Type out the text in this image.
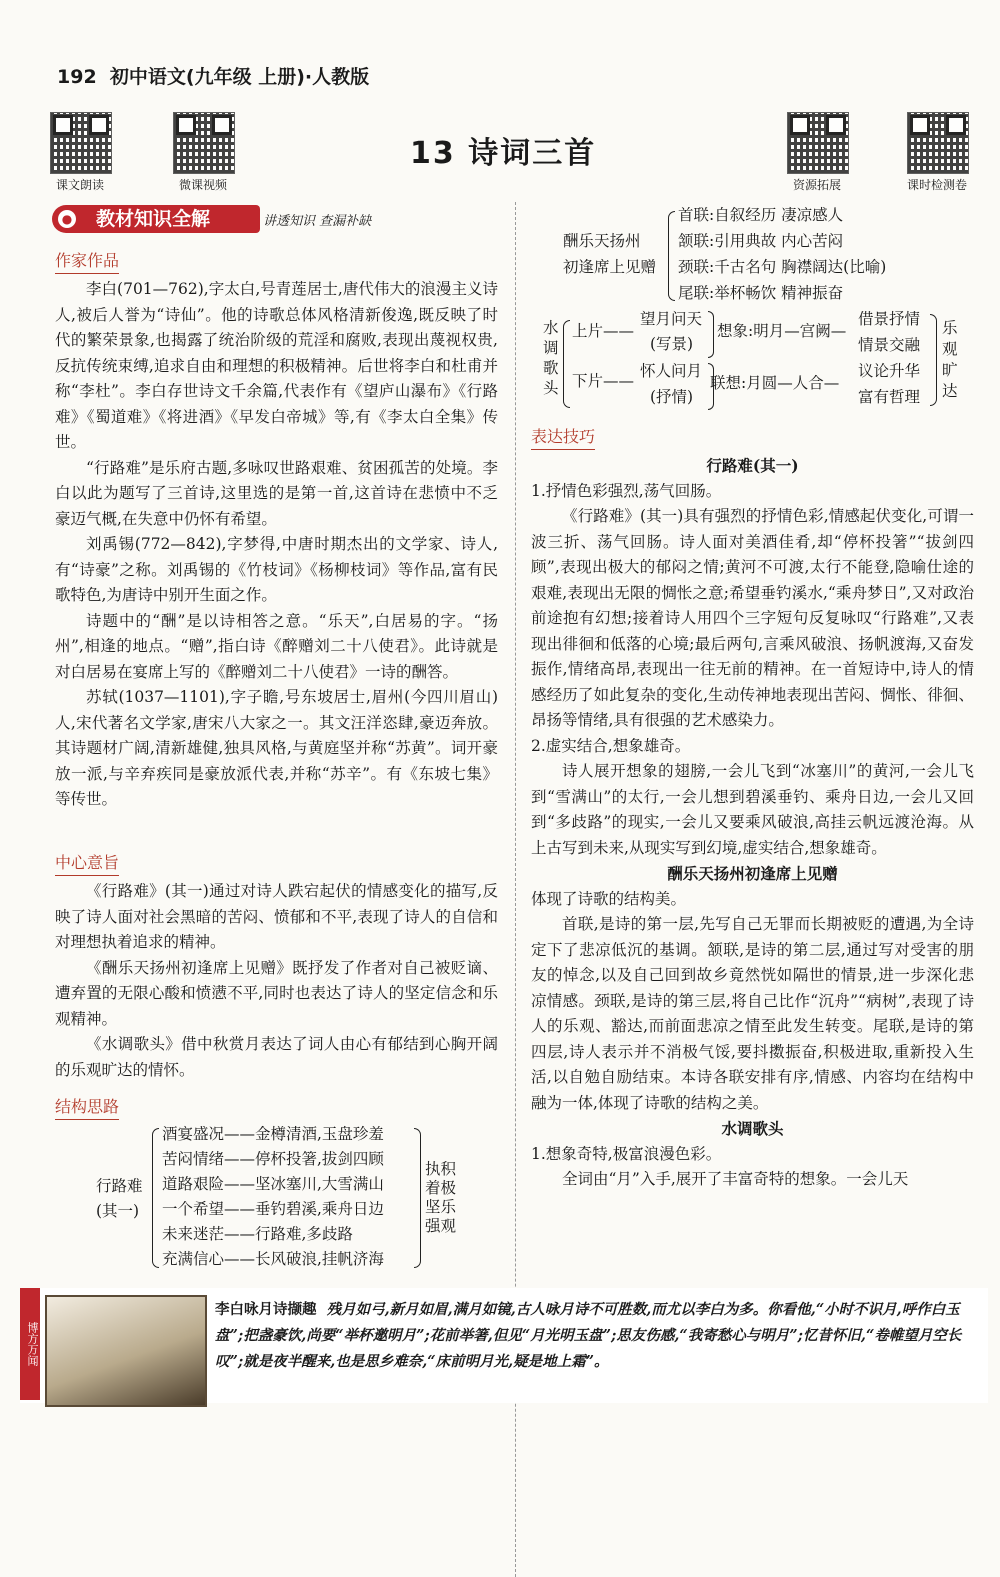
192 初中语文(九年级 上册)·人教版
课文朗读	微课视频	资源拓展	课时检测卷
13 诗词三首
教材知识全解
●	讲透知识 查漏补缺
作家作品

李白(701—762),字太白,号青莲居士,唐代伟大的浪漫主义诗人,被后人誉为“诗仙”。他的诗歌总体风格清新俊逸,既反映了时代的繁荣景象,也揭露了统治阶级的荒淫和腐败,表现出蔑视权贵,反抗传统束缚,追求自由和理想的积极精神。后世将李白和杜甫并称“李杜”。李白存世诗文千余篇,代表作有《望庐山瀑布》《行路难》《蜀道难》《将进酒》《早发白帝城》等,有《李太白全集》传世。

“行路难”是乐府古题,多咏叹世路艰难、贫困孤苦的处境。李白以此为题写了三首诗,这里选的是第一首,这首诗在悲愤中不乏豪迈气概,在失意中仍怀有希望。

刘禹锡(772—842),字梦得,中唐时期杰出的文学家、诗人,有“诗豪”之称。刘禹锡的《竹枝词》《杨柳枝词》等作品,富有民歌特色,为唐诗中别开生面之作。

诗题中的“酬”是以诗相答之意。“乐天”,白居易的字。“扬州”,相逢的地点。“赠”,指白诗《醉赠刘二十八使君》。此诗就是对白居易在宴席上写的《醉赠刘二十八使君》一诗的酬答。

苏轼(1037—1101),字子瞻,号东坡居士,眉州(今四川眉山)人,宋代著名文学家,唐宋八大家之一。其文汪洋恣肆,豪迈奔放。其诗题材广阔,清新雄健,独具风格,与黄庭坚并称“苏黄”。词开豪放一派,与辛弃疾同是豪放派代表,并称“苏辛”。有《东坡七集》等传世。

中心意旨

《行路难》(其一)通过对诗人跌宕起伏的情感变化的描写,反映了诗人面对社会黑暗的苦闷、愤郁和不平,表现了诗人的自信和对理想执着追求的精神。

《酬乐天扬州初逢席上见赠》既抒发了作者对自己被贬谪、遭弃置的无限心酸和愤懑不平,同时也表达了诗人的坚定信念和乐观精神。

《水调歌头》借中秋赏月表达了词人由心有郁结到心胸开阔的乐观旷达的情怀。

结构思路
行路难
(其一)
酒宴盛况——金樽清酒,玉盘珍羞
苦闷情绪——停杯投箸,拔剑四顾
道路艰险——坚冰塞川,大雪满山
一个希望——垂钓碧溪,乘舟日边
未来迷茫——行路难,多歧路
充满信心——长风破浪,挂帆济海
执积
着极
坚乐
强观
酬乐天扬州
初逢席上见赠
首联:自叙经历 凄凉感人
颔联:引用典故 内心苦闷
颈联:千古名句 胸襟阔达(比喻)
尾联:举杯畅饮 精神振奋
水
调
歌
头
上片——
下片——
望月问天
(写景)
怀人问月
(抒情)
想象:明月—宫阙—
联想:月圆—人合—
借景抒情
情景交融
议论升华
富有哲理
乐
观
旷
达
表达技巧

行路难(其一)

1.抒情色彩强烈,荡气回肠。

《行路难》(其一)具有强烈的抒情色彩,情感起伏变化,可谓一波三折、荡气回肠。诗人面对美酒佳肴,却“停杯投箸”“拔剑四顾”,表现出极大的郁闷之情;黄河不可渡,太行不能登,隐喻仕途的艰难,表现出无限的惆怅之意;希望垂钓溪水,“乘舟梦日”,又对政治前途抱有幻想;接着诗人用四个三字短句反复咏叹“行路难”,又表现出徘徊和低落的心境;最后两句,言乘风破浪、扬帆渡海,又奋发振作,情绪高昂,表现出一往无前的精神。在一首短诗中,诗人的情感经历了如此复杂的变化,生动传神地表现出苦闷、惆怅、徘徊、昂扬等情绪,具有很强的艺术感染力。

2.虚实结合,想象雄奇。

诗人展开想象的翅膀,一会儿飞到“冰塞川”的黄河,一会儿飞到“雪满山”的太行,一会儿想到碧溪垂钓、乘舟日边,一会儿又回到“多歧路”的现实,一会儿又要乘风破浪,高挂云帆远渡沧海。从上古写到未来,从现实写到幻境,虚实结合,想象雄奇。

酬乐天扬州初逢席上见赠

体现了诗歌的结构美。

首联,是诗的第一层,先写自己无罪而长期被贬的遭遇,为全诗定下了悲凉低沉的基调。颔联,是诗的第二层,通过写对受害的朋友的悼念,以及自己回到故乡竟然恍如隔世的情景,进一步深化悲凉情感。颈联,是诗的第三层,将自己比作“沉舟”“病树”,表现了诗人的乐观、豁达,而前面悲凉之情至此发生转变。尾联,是诗的第四层,诗人表示并不消极气馁,要抖擞振奋,积极进取,重新投入生活,以自勉自励结束。本诗各联安排有序,情感、内容均在结构中融为一体,体现了诗歌的结构之美。

水调歌头

1.想象奇特,极富浪漫色彩。

全词由“月”入手,展开了丰富奇特的想象。一会儿天

博方万闻
李白咏月诗撷趣 残月如弓,新月如眉,满月如镜,古人咏月诗不可胜数,而尤以李白为多。你看他,“小时不识月,呼作白玉盘”;把盏豪饮,尚要“举杯邀明月”;花前举箸,但见“月光明玉盘”;思友伤感,“我寄愁心与明月”;忆昔怀旧,“卷帷望月空长叹”;就是夜半醒来,也是思乡难奈,“床前明月光,疑是地上霜”。
